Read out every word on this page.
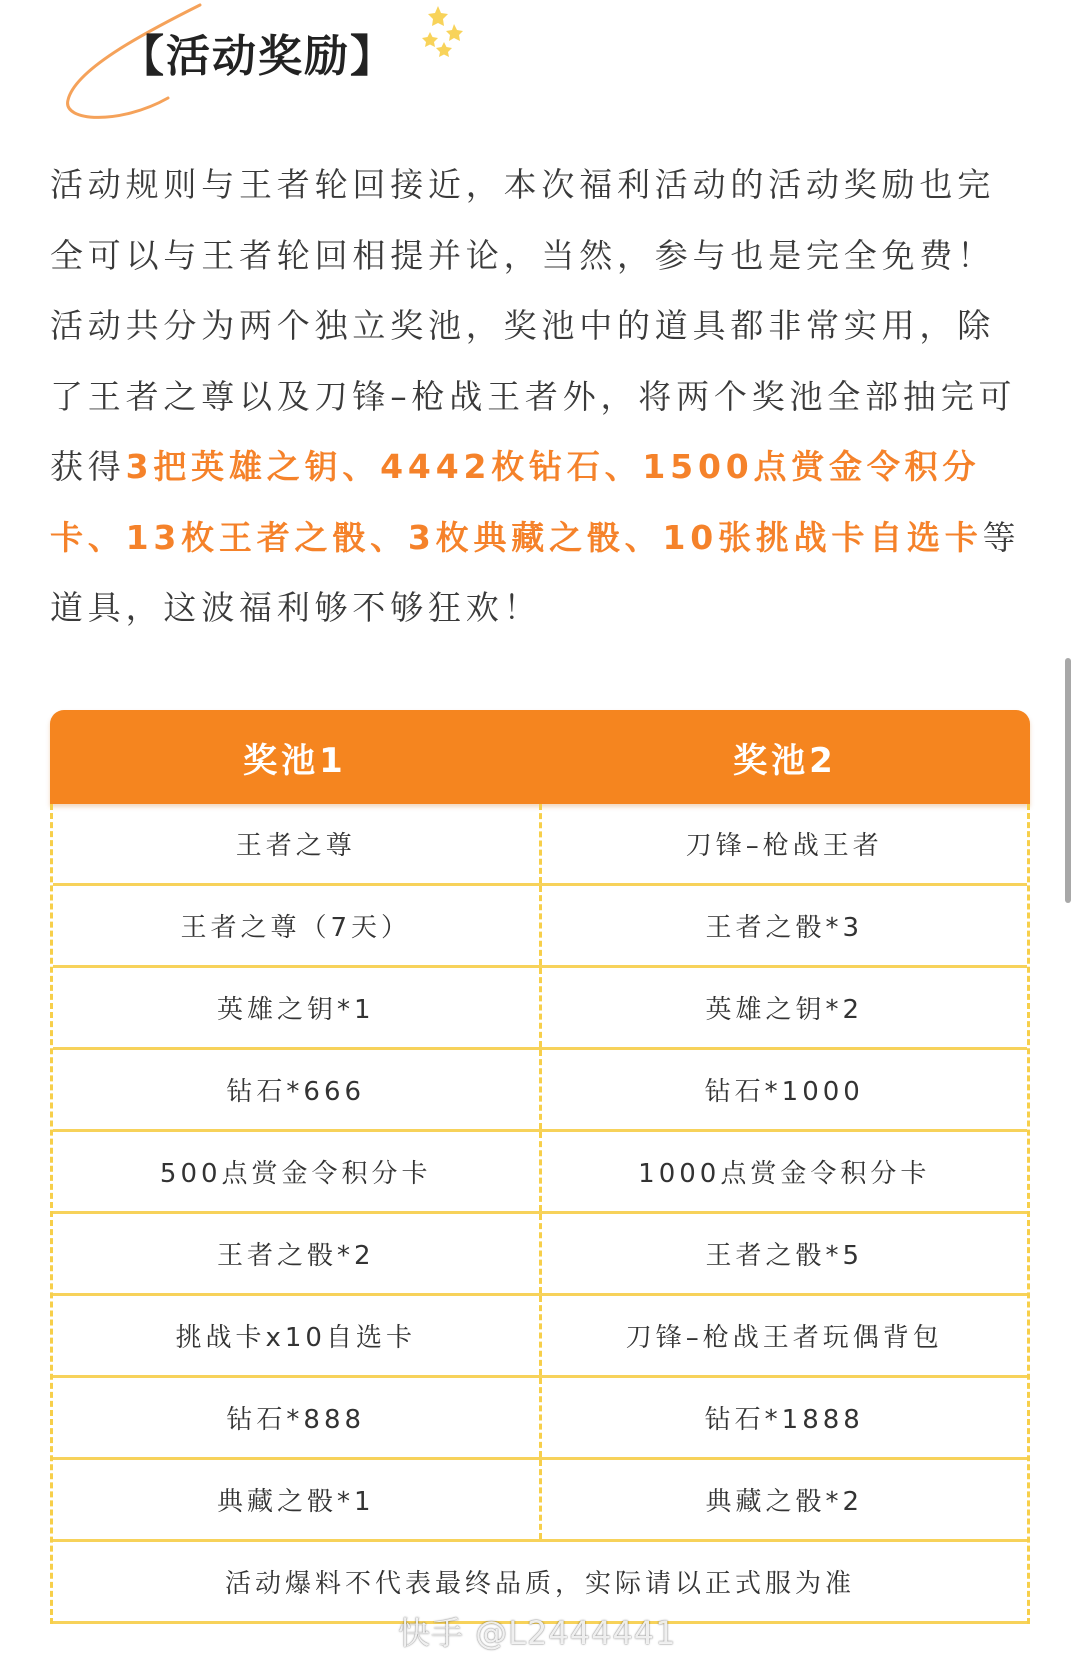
【活动奖励】

活动规则与王者轮回接近，本次福利活动的活动奖励也完全可以与王者轮回相提并论，当然，参与也是完全免费！活动共分为两个独立奖池，奖池中的道具都非常实用，除了王者之尊以及刀锋–枪战王者外，将两个奖池全部抽完可获得3把英雄之钥、4442枚钻石、1500点赏金令积分卡、13枚王者之骰、3枚典藏之骰、10张挑战卡自选卡等道具，这波福利够不够狂欢！

奖池1	奖池2
王者之尊	刀锋–枪战王者
王者之尊（7天）	王者之骰*3
英雄之钥*1	英雄之钥*2
钻石*666	钻石*1000
500点赏金令积分卡	1000点赏金令积分卡
王者之骰*2	王者之骰*5
挑战卡x10自选卡	刀锋–枪战王者玩偶背包
钻石*888	钻石*1888
典藏之骰*1	典藏之骰*2
活动爆料不代表最终品质，实际请以正式服为准
快手 @L2444441
